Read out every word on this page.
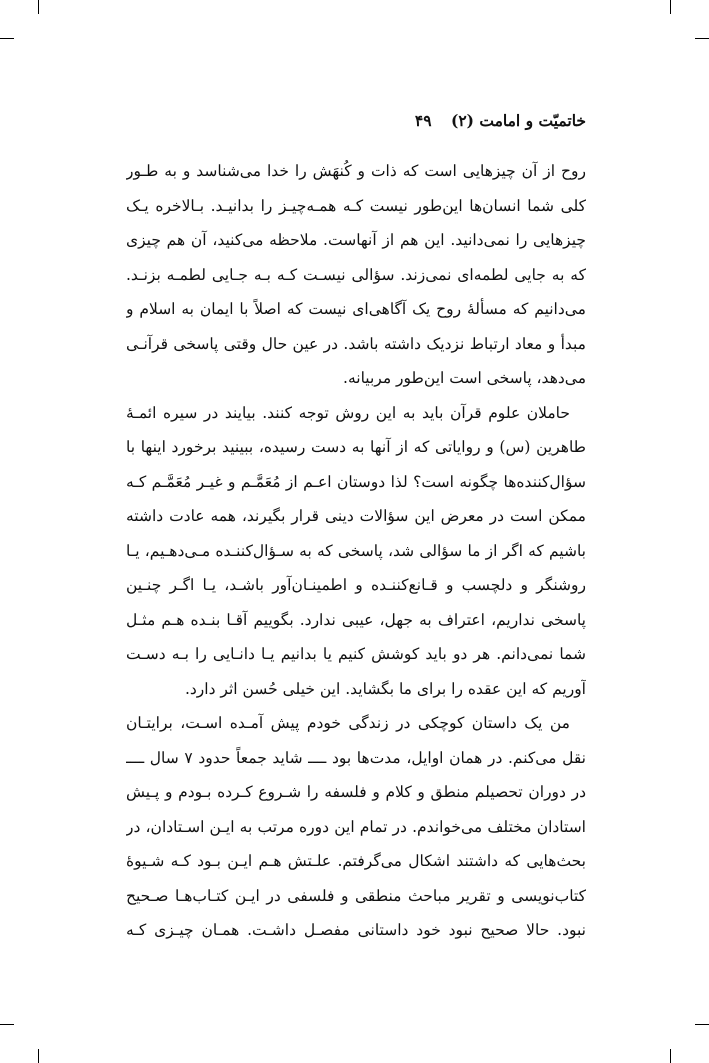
خاتمیّت و امامت (۲) ۴۹
روح از آن چیزهایی است که ذات و کُنهَش را خدا می‌شناسد و به طـور
کلی شما انسان‌ها این‌طور نیست کـه همـه‌چیـز را بدانیـد. بـالاخره یـک
چیزهایی را نمی‌دانید. این هم از آنهاست. ملاحظه می‌کنید، آن هم چیزی
که به جایی لطمه‌ای نمی‌زند. سؤالی نیسـت کـه بـه جـایی لطمـه بزنـد.
می‌دانیم که مسألهٔ روح یک آگاهی‌ای نیست که اصلاً با ایمان به اسلام و
مبدأ و معاد ارتباط نزدیک داشته باشد. در عین حال وقتی پاسخی قرآنـی
می‌دهد، پاسخی است این‌طور مربیانه.
حاملان علوم قرآن باید به این روش توجه کنند. بیایند در سیره ائمـهٔ
طاهرین (س) و روایاتی که از آنها به دست رسیده، ببینید برخورد اینها با
سؤال‌کننده‌ها چگونه است؟ لذا دوستان اعـم از مُعَمَّـم و غیـر مُعَمَّـم کـه
ممکن است در معرض این سؤالات دینی قرار بگیرند، همه عادت داشته
باشیم که اگر از ما سؤالی شد، پاسخی که به سـؤال‌کننـده مـی‌دهـیم، یـا
روشنگر و دلچسب و قـانع‌کننـده و اطمینـان‌آور باشـد، یـا اگـر چنـین
پاسخی نداریم، اعتراف به جهل، عیبی ندارد. بگوییم آقـا بنـده هـم مثـل
شما نمی‌دانم. هر دو باید کوشش کنیم یا بدانیم یـا دانـایی را بـه دسـت
آوریم که این عقده را برای ما بگشاید. این خیلی حُسن اثر دارد.
من یک داستان کوچکی در زندگی خودم پیش آمـده اسـت، برایتـان
نقل می‌کنم. در همان اوایل، مدت‌ها بود ــــ شاید جمعاً حدود ۷ سال ــــ
در دوران تحصیلم منطق و کلام و فلسفه را شـروع کـرده بـودم و پـیش
استادان مختلف می‌خواندم. در تمام این دوره مرتب به ایـن اسـتادان، در
بحث‌هایی که داشتند اشکال می‌گرفتم. علـتش هـم ایـن بـود کـه شـیوهٔ
کتاب‌نویسی و تقریر مباحث منطقی و فلسفی در ایـن کتـاب‌هـا صـحیح
نبود. حالا صحیح نبود خود داستانی مفصـل داشـت. همـان چیـزی کـه
